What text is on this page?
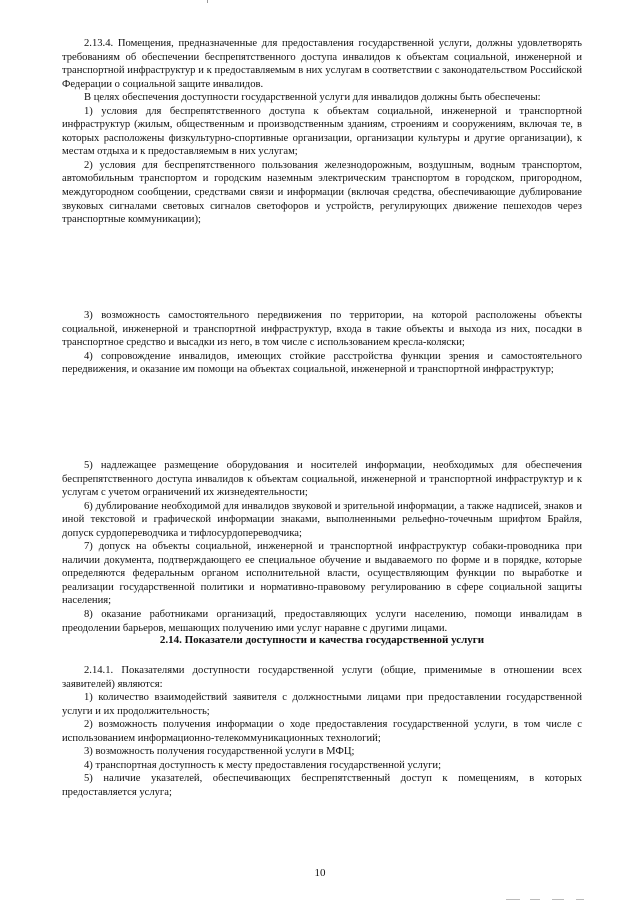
2.13.4. Помещения, предназначенные для предоставления государственной услуги, должны удовлетворять требованиям об обеспечении беспрепятственного доступа инвалидов к объектам социальной, инженерной и транспортной инфраструктур и к предоставляемым в них услугам в соответствии с законодательством Российской Федерации о социальной защите инвалидов.

В целях обеспечения доступности государственной услуги для инвалидов должны быть обеспечены:

1) условия для беспрепятственного доступа к объектам социальной, инженерной и транспортной инфраструктур (жилым, общественным и производственным зданиям, строениям и сооружениям, включая те, в которых расположены физкультурно-спортивные организации, организации культуры и другие организации), к местам отдыха и к предоставляемым в них услугам;

2) условия для беспрепятственного пользования железнодорожным, воздушным, водным транспортом, автомобильным транспортом и городским наземным электрическим транспортом в городском, пригородном, междугородном сообщении, средствами связи и информации (включая средства, обеспечивающие дублирование звуковых сигналами световых сигналов светофоров и устройств, регулирующих движение пешеходов через транспортные коммуникации);

3) возможность самостоятельного передвижения по территории, на которой расположены объекты социальной, инженерной и транспортной инфраструктур, входа в такие объекты и выхода из них, посадки в транспортное средство и высадки из него, в том числе с использованием кресла-коляски;

4) сопровождение инвалидов, имеющих стойкие расстройства функции зрения и самостоятельного передвижения, и оказание им помощи на объектах социальной, инженерной и транспортной инфраструктур;

5) надлежащее размещение оборудования и носителей информации, необходимых для обеспечения беспрепятственного доступа инвалидов к объектам социальной, инженерной и транспортной инфраструктур и к услугам с учетом ограничений их жизнедеятельности;

6) дублирование необходимой для инвалидов звуковой и зрительной информации, а также надписей, знаков и иной текстовой и графической информации знаками, выполненными рельефно-точечным шрифтом Брайля, допуск сурдопереводчика и тифлосурдопереводчика;

7) допуск на объекты социальной, инженерной и транспортной инфраструктур собаки-проводника при наличии документа, подтверждающего ее специальное обучение и выдаваемого по форме и в порядке, которые определяются федеральным органом исполнительной власти, осуществляющим функции по выработке и реализации государственной политики и нормативно-правовому регулированию в сфере социальной защиты населения;

8) оказание работниками организаций, предоставляющих услуги населению, помощи инвалидам в преодолении барьеров, мешающих получению ими услуг наравне с другими лицами.

2.14. Показатели доступности и качества государственной услуги

2.14.1. Показателями доступности государственной услуги (общие, применимые в отношении всех заявителей) являются:

1) количество взаимодействий заявителя с должностными лицами при предоставлении государственной услуги и их продолжительность;

2) возможность получения информации о ходе предоставления государственной услуги, в том числе с использованием информационно-телекоммуникационных технологий;

3) возможность получения государственной услуги в МФЦ;

4) транспортная доступность к месту предоставления государственной услуги;

5) наличие указателей, обеспечивающих беспрепятственный доступ к помещениям, в которых предоставляется услуга;

10
